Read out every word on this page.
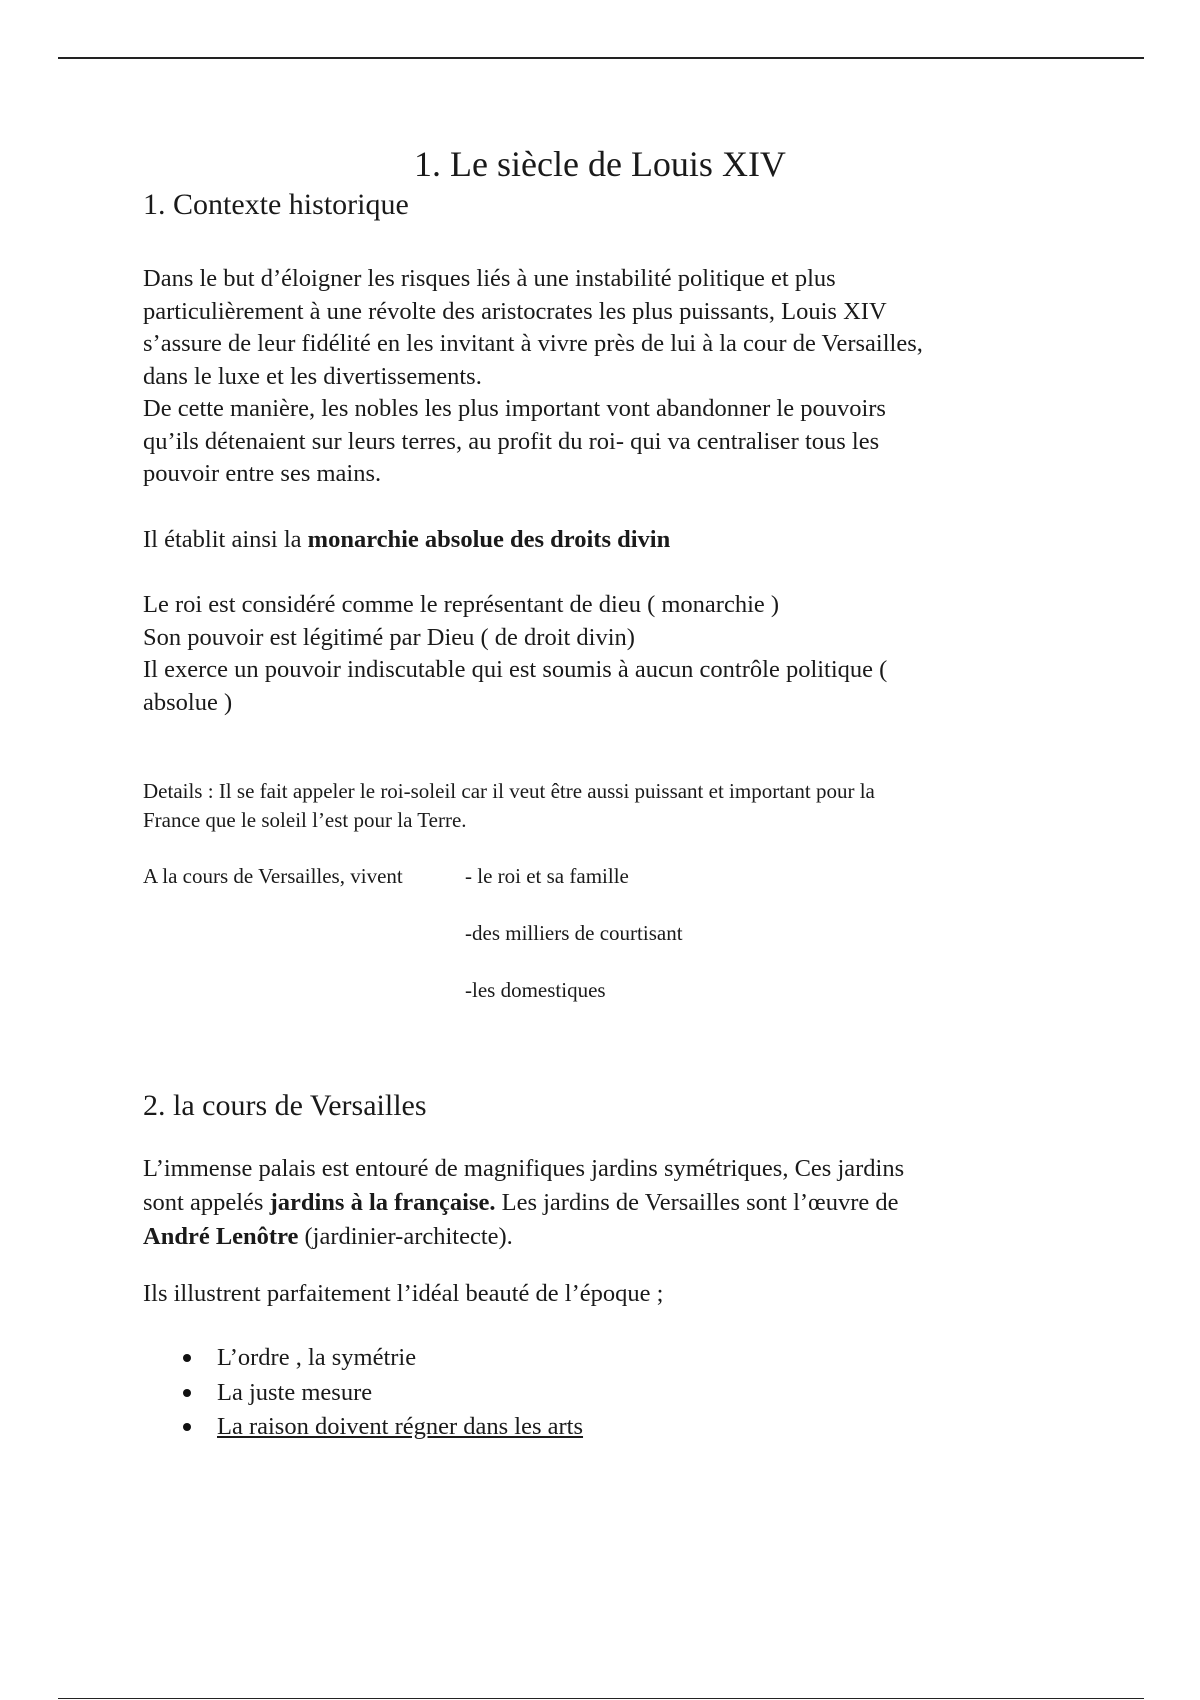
1. Le siècle de Louis XIV
1. Contexte historique
Dans le but d’éloigner les risques liés à une instabilité politique et plus
particulièrement à une révolte des aristocrates les plus puissants, Louis XIV
s’assure de leur fidélité en les invitant à vivre près de lui à la cour de Versailles,
dans le luxe et les divertissements.
De cette manière, les nobles les plus important vont abandonner le pouvoirs
qu’ils détenaient sur leurs terres, au profit du roi- qui va centraliser tous les
pouvoir entre ses mains.
Il établit ainsi la monarchie absolue des droits divin
Le roi est considéré comme le représentant de dieu ( monarchie )
Son pouvoir est légitimé par Dieu ( de droit divin)
Il exerce un pouvoir indiscutable qui est soumis à aucun contrôle politique (
absolue )
Details : Il se fait appeler le roi-soleil car il veut être aussi puissant et important pour la
France que le soleil l’est pour la Terre.
A la cours de Versailles, vivent	- le roi et sa famille
-des milliers de courtisant
-les domestiques
2. la cours de Versailles
L’immense palais est entouré de magnifiques jardins symétriques, Ces jardins
sont appelés jardins à la française. Les jardins de Versailles sont l’œuvre de
André Lenôtre (jardinier-architecte).
Ils illustrent parfaitement l’idéal beauté de l’époque ;
L’ordre , la symétrie
La juste mesure
La raison doivent régner dans les arts
